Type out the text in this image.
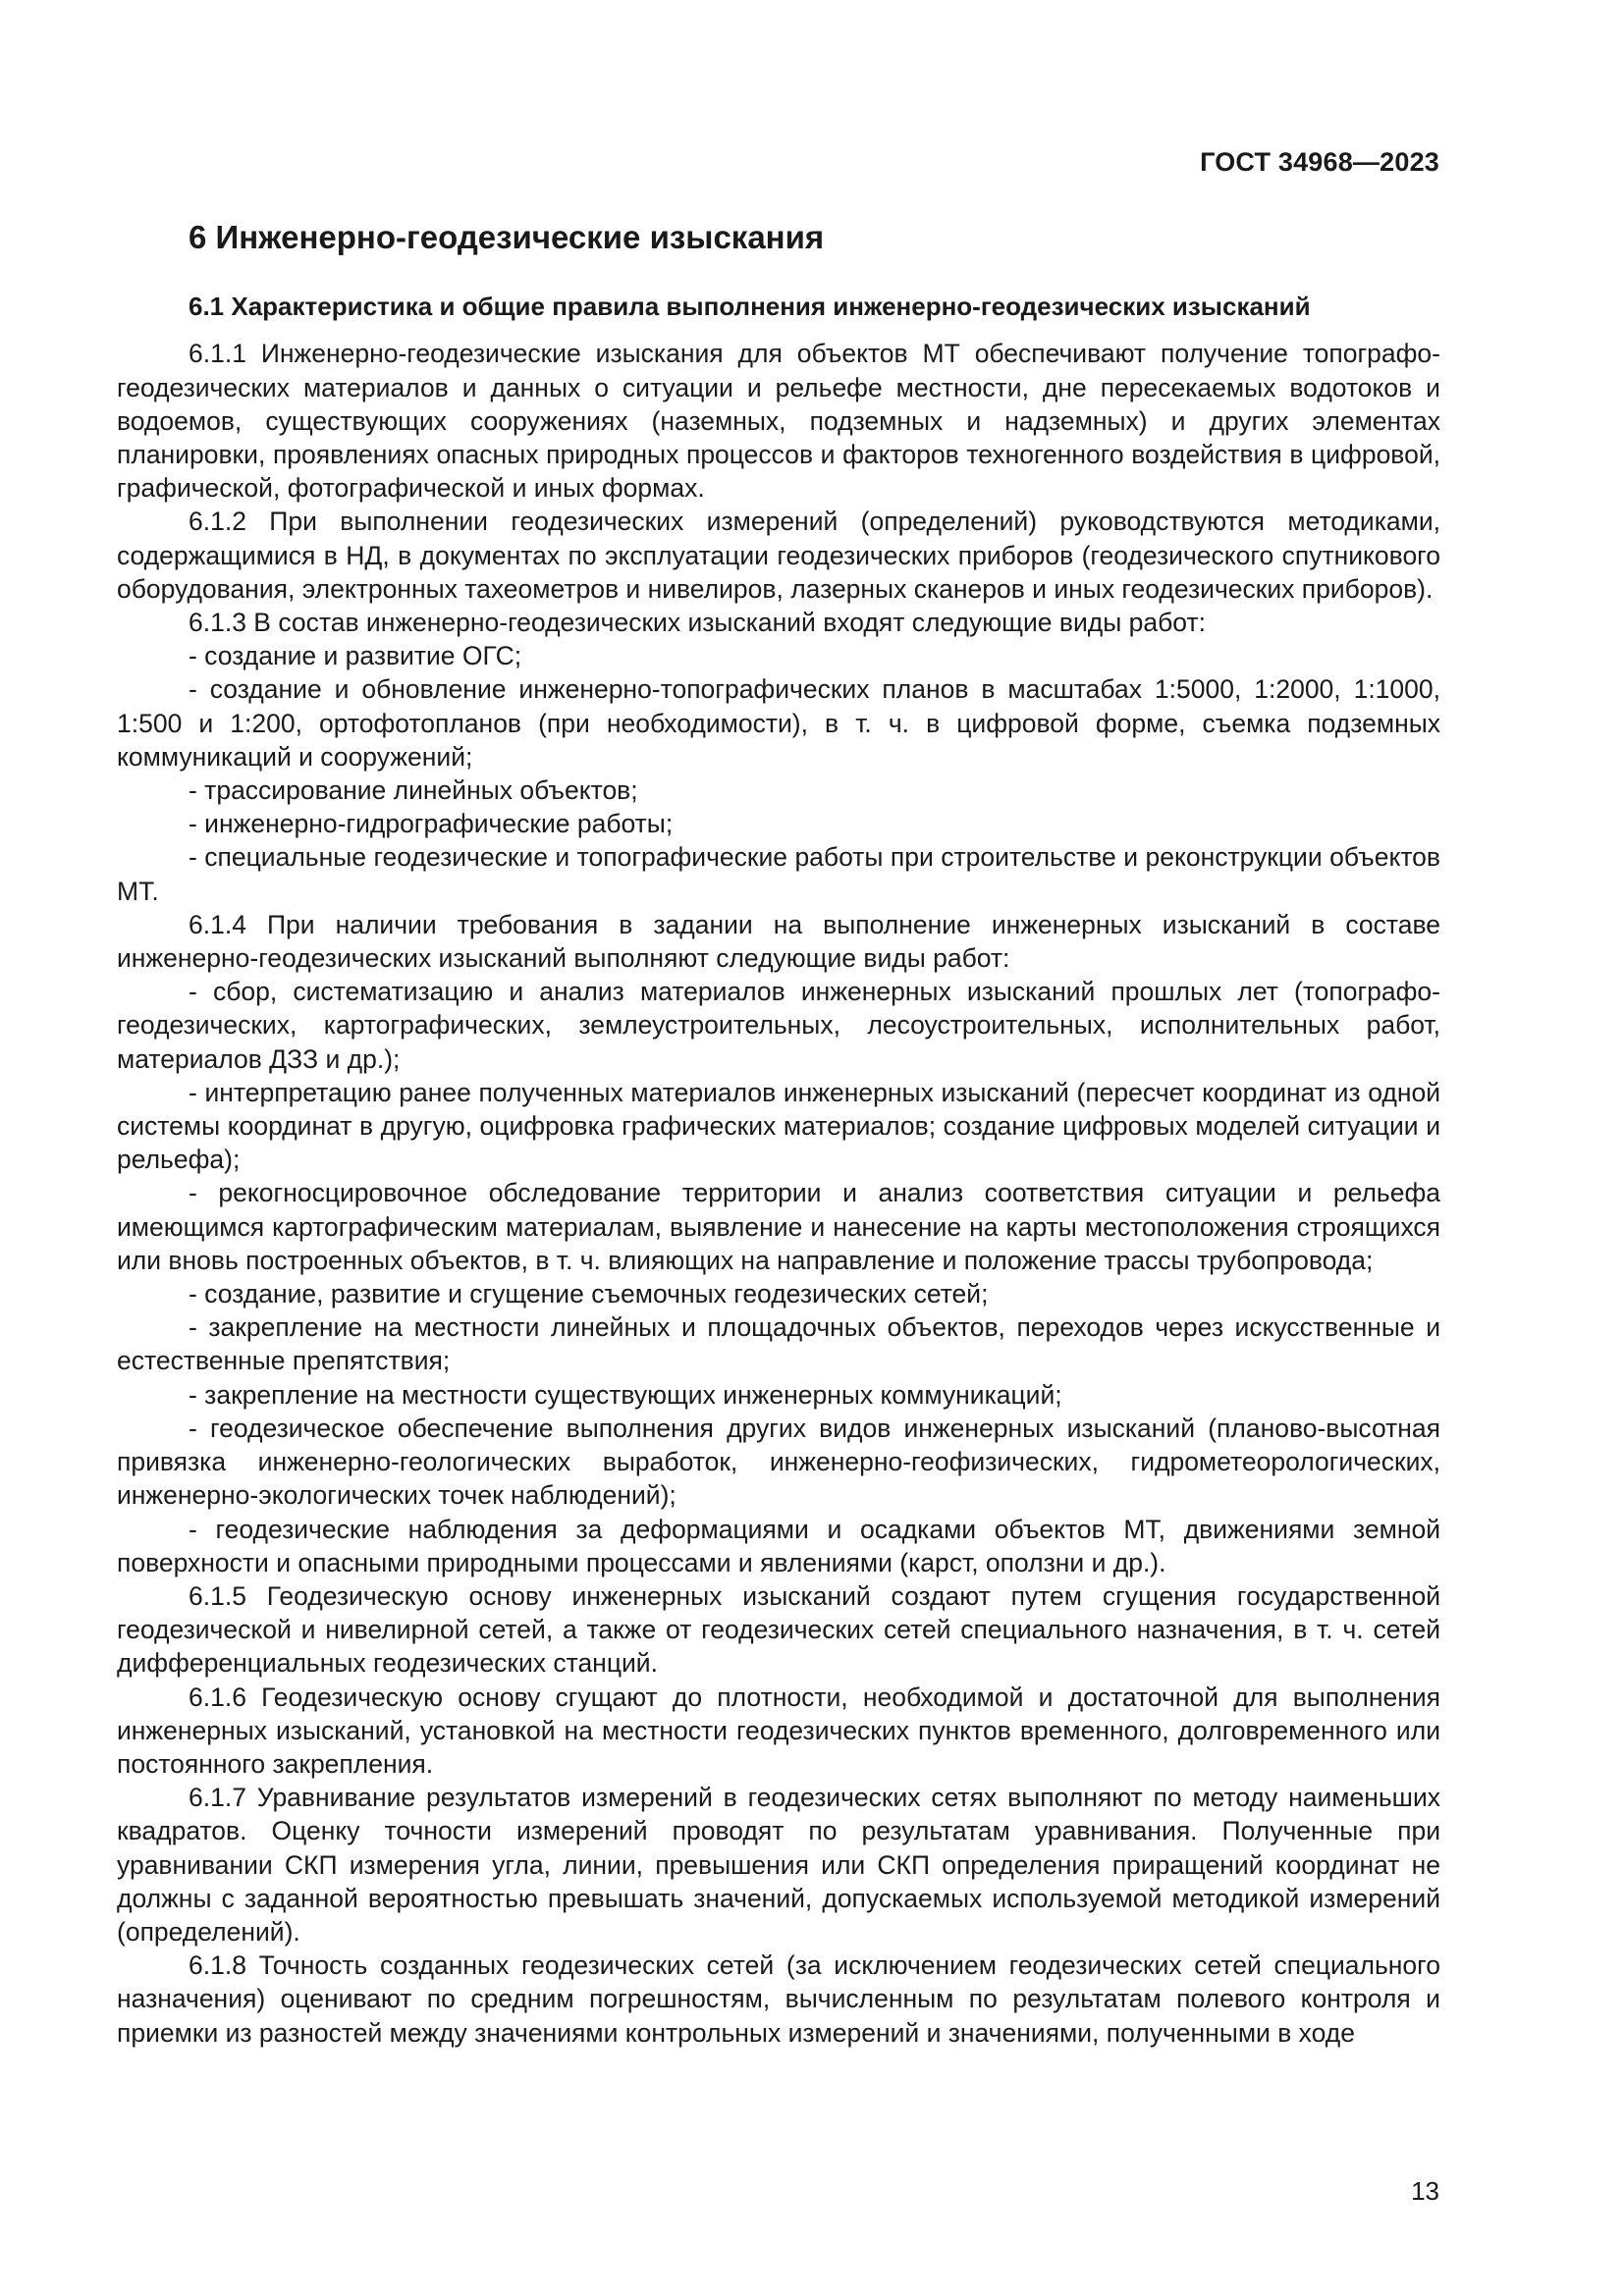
ГОСТ 34968—2023
6 Инженерно-геодезические изыскания
6.1 Характеристика и общие правила выполнения инженерно-геодезических изысканий

6.1.1 Инженерно-геодезические изыскания для объектов МТ обеспечивают получение топографо-геодезических материалов и данных о ситуации и рельефе местности, дне пересекаемых водотоков и водоемов, существующих сооружениях (наземных, подземных и надземных) и других элементах планировки, проявлениях опасных природных процессов и факторов техногенного воздействия в цифровой, графической, фотографической и иных формах.

6.1.2 При выполнении геодезических измерений (определений) руководствуются методиками, содержащимися в НД, в документах по эксплуатации геодезических приборов (геодезического спутникового оборудования, электронных тахеометров и нивелиров, лазерных сканеров и иных геодезических приборов).

6.1.3 В состав инженерно-геодезических изысканий входят следующие виды работ:

- создание и развитие ОГС;

- создание и обновление инженерно-топографических планов в масштабах 1:5000, 1:2000, 1:1000, 1:500 и 1:200, ортофотопланов (при необходимости), в т. ч. в цифровой форме, съемка подземных коммуникаций и сооружений;

- трассирование линейных объектов;

- инженерно-гидрографические работы;

- специальные геодезические и топографические работы при строительстве и реконструкции объектов МТ.

6.1.4 При наличии требования в задании на выполнение инженерных изысканий в составе инженерно-геодезических изысканий выполняют следующие виды работ:

- сбор, систематизацию и анализ материалов инженерных изысканий прошлых лет (топографо-геодезических, картографических, землеустроительных, лесоустроительных, исполнительных работ, материалов ДЗЗ и др.);

- интерпретацию ранее полученных материалов инженерных изысканий (пересчет координат из одной системы координат в другую, оцифровка графических материалов; создание цифровых моделей ситуации и рельефа);

- рекогносцировочное обследование территории и анализ соответствия ситуации и рельефа имеющимся картографическим материалам, выявление и нанесение на карты местоположения строящихся или вновь построенных объектов, в т. ч. влияющих на направление и положение трассы трубопровода;

- создание, развитие и сгущение съемочных геодезических сетей;

- закрепление на местности линейных и площадочных объектов, переходов через искусственные и естественные препятствия;

- закрепление на местности существующих инженерных коммуникаций;

- геодезическое обеспечение выполнения других видов инженерных изысканий (планово-высотная привязка инженерно-геологических выработок, инженерно-геофизических, гидрометеорологических, инженерно-экологических точек наблюдений);

- геодезические наблюдения за деформациями и осадками объектов МТ, движениями земной поверхности и опасными природными процессами и явлениями (карст, оползни и др.).

6.1.5 Геодезическую основу инженерных изысканий создают путем сгущения государственной геодезической и нивелирной сетей, а также от геодезических сетей специального назначения, в т. ч. сетей дифференциальных геодезических станций.

6.1.6 Геодезическую основу сгущают до плотности, необходимой и достаточной для выполнения инженерных изысканий, установкой на местности геодезических пунктов временного, долговременного или постоянного закрепления.

6.1.7 Уравнивание результатов измерений в геодезических сетях выполняют по методу наименьших квадратов. Оценку точности измерений проводят по результатам уравнивания. Полученные при уравнивании СКП измерения угла, линии, превышения или СКП определения приращений координат не должны с заданной вероятностью превышать значений, допускаемых используемой методикой измерений (определений).

6.1.8 Точность созданных геодезических сетей (за исключением геодезических сетей специального назначения) оценивают по средним погрешностям, вычисленным по результатам полевого контроля и приемки из разностей между значениями контрольных измерений и значениями, полученными в ходе

13
